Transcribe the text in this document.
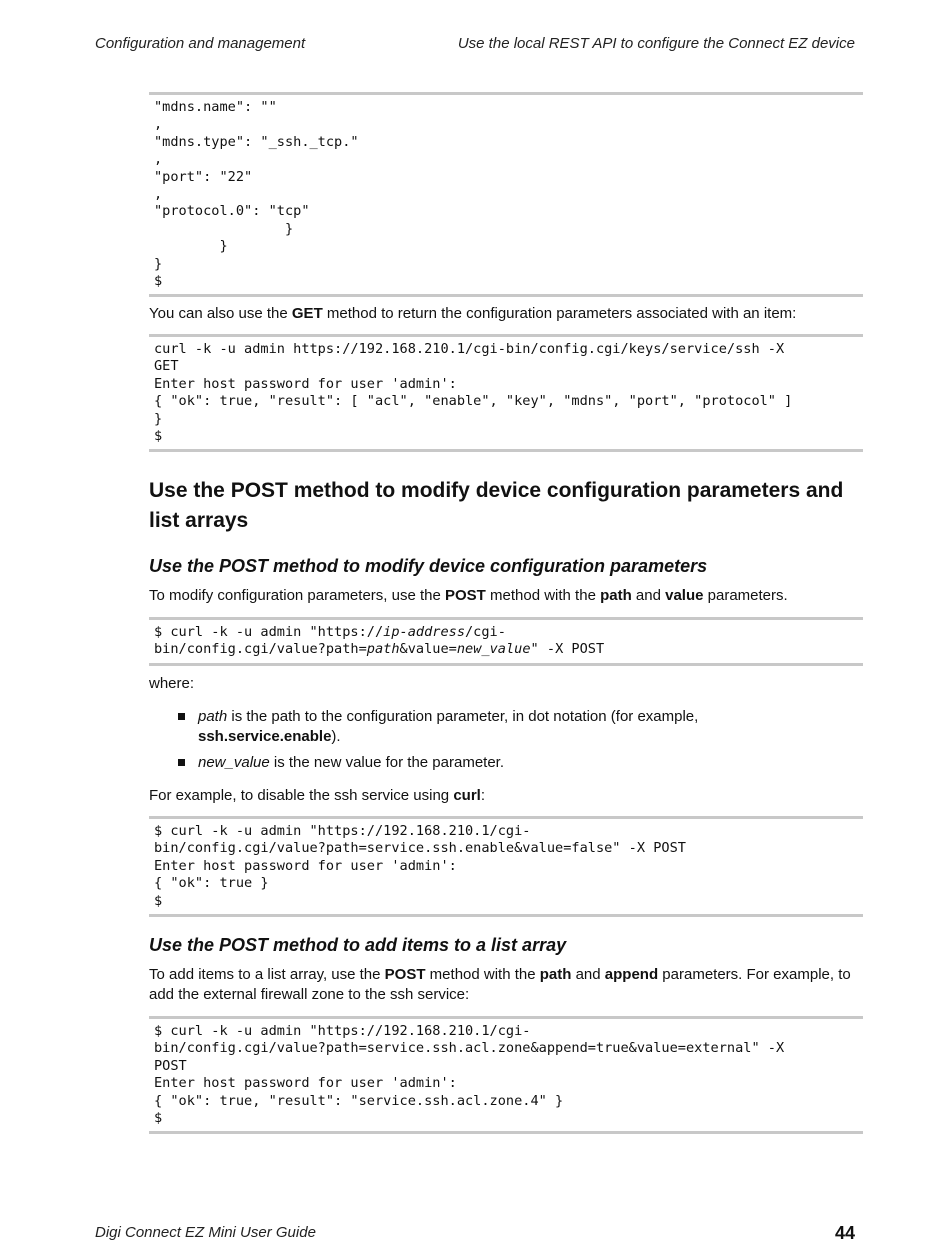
Configuration and management	Use the local REST API to configure the Connect EZ device
"mdns.name": ""
,
"mdns.type": "_ssh._tcp."
,
"port": "22"
,
"protocol.0": "tcp"
}
}
}
$
You can also use the GET method to return the configuration parameters associated with an item:
curl -k -u admin https://192.168.210.1/cgi-bin/config.cgi/keys/service/ssh -X
GET
Enter host password for user 'admin':
{ "ok": true, "result": [ "acl", "enable", "key", "mdns", "port", "protocol" ]
}
$
Use the POST method to modify device configuration parameters and list arrays
Use the POST method to modify device configuration parameters
To modify configuration parameters, use the POST method with the path and value parameters.
$ curl -k -u admin "https://ip-address/cgi-
bin/config.cgi/value?path=path&value=new_value" -X POST
where:
path is the path to the configuration parameter, in dot notation (for example, ssh.service.enable).
new_value is the new value for the parameter.
For example, to disable the ssh service using curl:
$ curl -k -u admin "https://192.168.210.1/cgi-
bin/config.cgi/value?path=service.ssh.enable&value=false" -X POST
Enter host password for user 'admin':
{ "ok": true }
$
Use the POST method to add items to a list array
To add items to a list array, use the POST method with the path and append parameters. For example, to add the external firewall zone to the ssh service:
$ curl -k -u admin "https://192.168.210.1/cgi-
bin/config.cgi/value?path=service.ssh.acl.zone&append=true&value=external" -X
POST
Enter host password for user 'admin':
{ "ok": true, "result": "service.ssh.acl.zone.4" }
$
Digi Connect EZ Mini User Guide	44
